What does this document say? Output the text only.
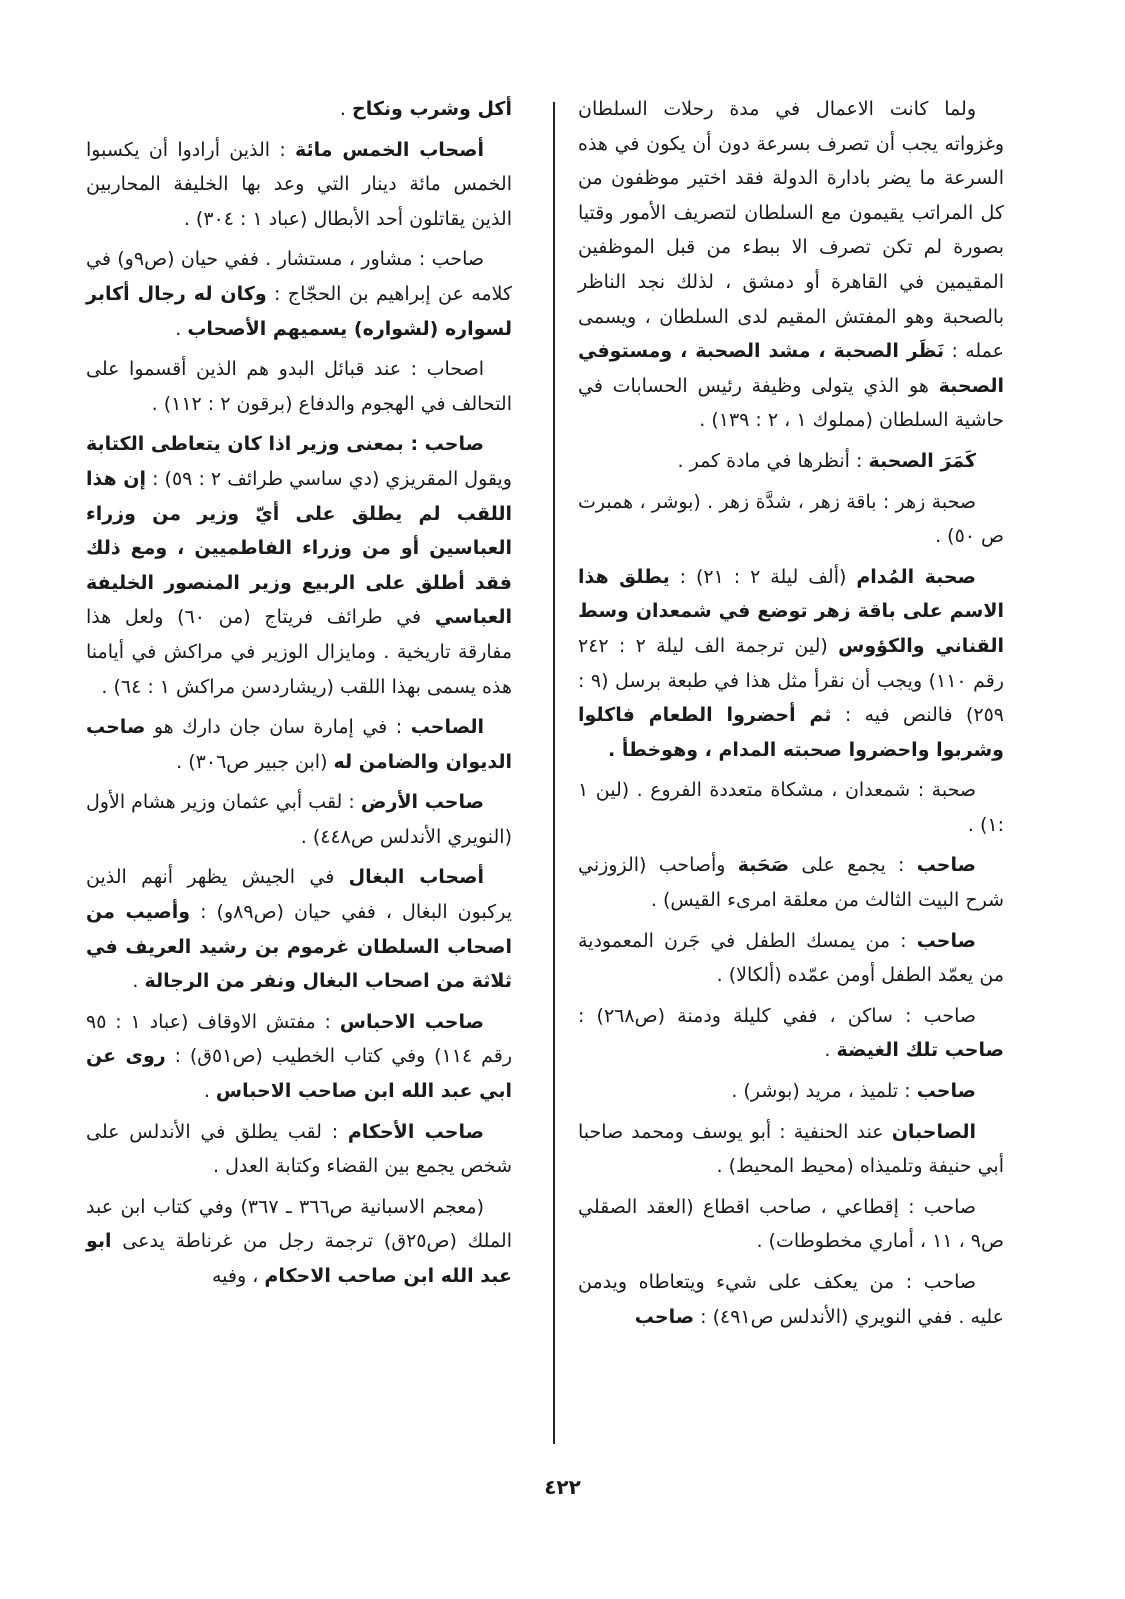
ولما كانت الاعمال في مدة رحلات السلطان وغزواته يجب أن تصرف بسرعة دون أن يكون في هذه السرعة ما يضر بادارة الدولة فقد اختير موظفون من كل المراتب يقيمون مع السلطان لتصريف الأمور وقتيا بصورة لم تكن تصرف الا ببطء من قبل الموظفين المقيمين في القاهرة أو دمشق ، لذلك نجد الناظر بالصحبة وهو المفتش المقيم لدى السلطان ، ويسمى عمله : نَظَر الصحبة ، مشد الصحبة ، ومستوفي الصحبة هو الذي يتولى وظيفة رئيس الحسابات في حاشية السلطان (مملوك ١ ، ٢ : ١٣٩) .

كَمَرَ الصحبة : أنظرها في مادة كمر .

صحبة زهر : باقة زهر ، شدَّة زهر . (بوشر ، همبرت ص ٥٠) .

صحبة المُدام (ألف ليلة ٢ : ٢١) : يطلق هذا الاسم على باقة زهر توضع في شمعدان وسط القناني والكؤوس (لين ترجمة الف ليلة ٢ : ٢٤٢ رقم ١١٠) ويجب أن نقرأ مثل هذا في طبعة برسل (٩ : ٢٥٩) فالنص فيه : ثم أحضروا الطعام فاكلوا وشربوا واحضروا صحبته المدام ، وهوخطأ .

صحبة : شمعدان ، مشكاة متعددة الفروع . (لين ١ :١) .

صاحب : يجمع على صَحَبة وأصاحب (الزوزني شرح البيت الثالث من معلقة امرىء القيس) .

صاحب : من يمسك الطفل في جَرن المعمودية من يعمّد الطفل أومن عمّده (ألكالا) .

صاحب : ساكن ، ففي كليلة ودمنة (ص٢٦٨) : صاحب تلك الغيضة .

صاحب : تلميذ ، مريد (بوشر) .

الصاحبان عند الحنفية : أبو يوسف ومحمد صاحبا أبي حنيفة وتلميذاه (محيط المحيط) .

صاحب : إقطاعي ، صاحب اقطاع (العقد الصقلي ص٩ ، ١١ ، أماري مخطوطات) .

صاحب : من يعكف على شيء ويتعاطاه ويدمن عليه . ففي النويري (الأندلس ص٤٩١) : صاحب

أكل وشرب ونكاح .

أصحاب الخمس مائة : الذين أرادوا أن يكسبوا الخمس مائة دينار التي وعد بها الخليفة المحاربين الذين يقاتلون أحد الأبطال (عباد ١ : ٣٠٤) .

صاحب : مشاور ، مستشار . ففي حيان (ص٩و) في كلامه عن إبراهيم بن الحجّاج : وكان له رجال أكابر لسواره (لشواره) يسميهم الأصحاب .

اصحاب : عند قبائل البدو هم الذين أقسموا على التحالف في الهجوم والدفاع (برقون ٢ : ١١٢) .

صاحب : بمعنى وزير اذا كان يتعاطى الكتابة ويقول المقريزي (دي ساسي طرائف ٢ : ٥٩) : إن هذا اللقب لم يطلق على أيّ وزير من وزراء العباسين أو من وزراء الفاطميين ، ومع ذلك فقد أطلق على الربيع وزير المنصور الخليفة العباسي في طرائف فريتاج (من ٦٠) ولعل هذا مفارقة تاريخية . ومايزال الوزير في مراكش في أيامنا هذه يسمى بهذا اللقب (ريشاردسن مراكش ١ : ٦٤) .

الصاحب : في إمارة سان جان دارك هو صاحب الديوان والضامن له (ابن جبير ص٣٠٦) .

صاحب الأرض : لقب أبي عثمان وزير هشام الأول (النويري الأندلس ص٤٤٨) .

أصحاب البغال في الجيش يظهر أنهم الذين يركبون البغال ، ففي حيان (ص٨٩و) : وأصيب من اصحاب السلطان غرموم بن رشيد العريف في ثلاثة من اصحاب البغال ونفر من الرجالة .

صاحب الاحباس : مفتش الاوقاف (عباد ١ : ٩٥ رقم ١١٤) وفي كتاب الخطيب (ص٥١ق) : روى عن ابي عبد الله ابن صاحب الاحباس .

صاحب الأحكام : لقب يطلق في الأندلس على شخص يجمع بين القضاء وكتابة العدل .

(معجم الاسبانية ص٣٦٦ ـ ٣٦٧) وفي كتاب ابن عبد الملك (ص٢٥ق) ترجمة رجل من غرناطة يدعى ابو عبد الله ابن صاحب الاحكام ، وفيه

٤٢٢
